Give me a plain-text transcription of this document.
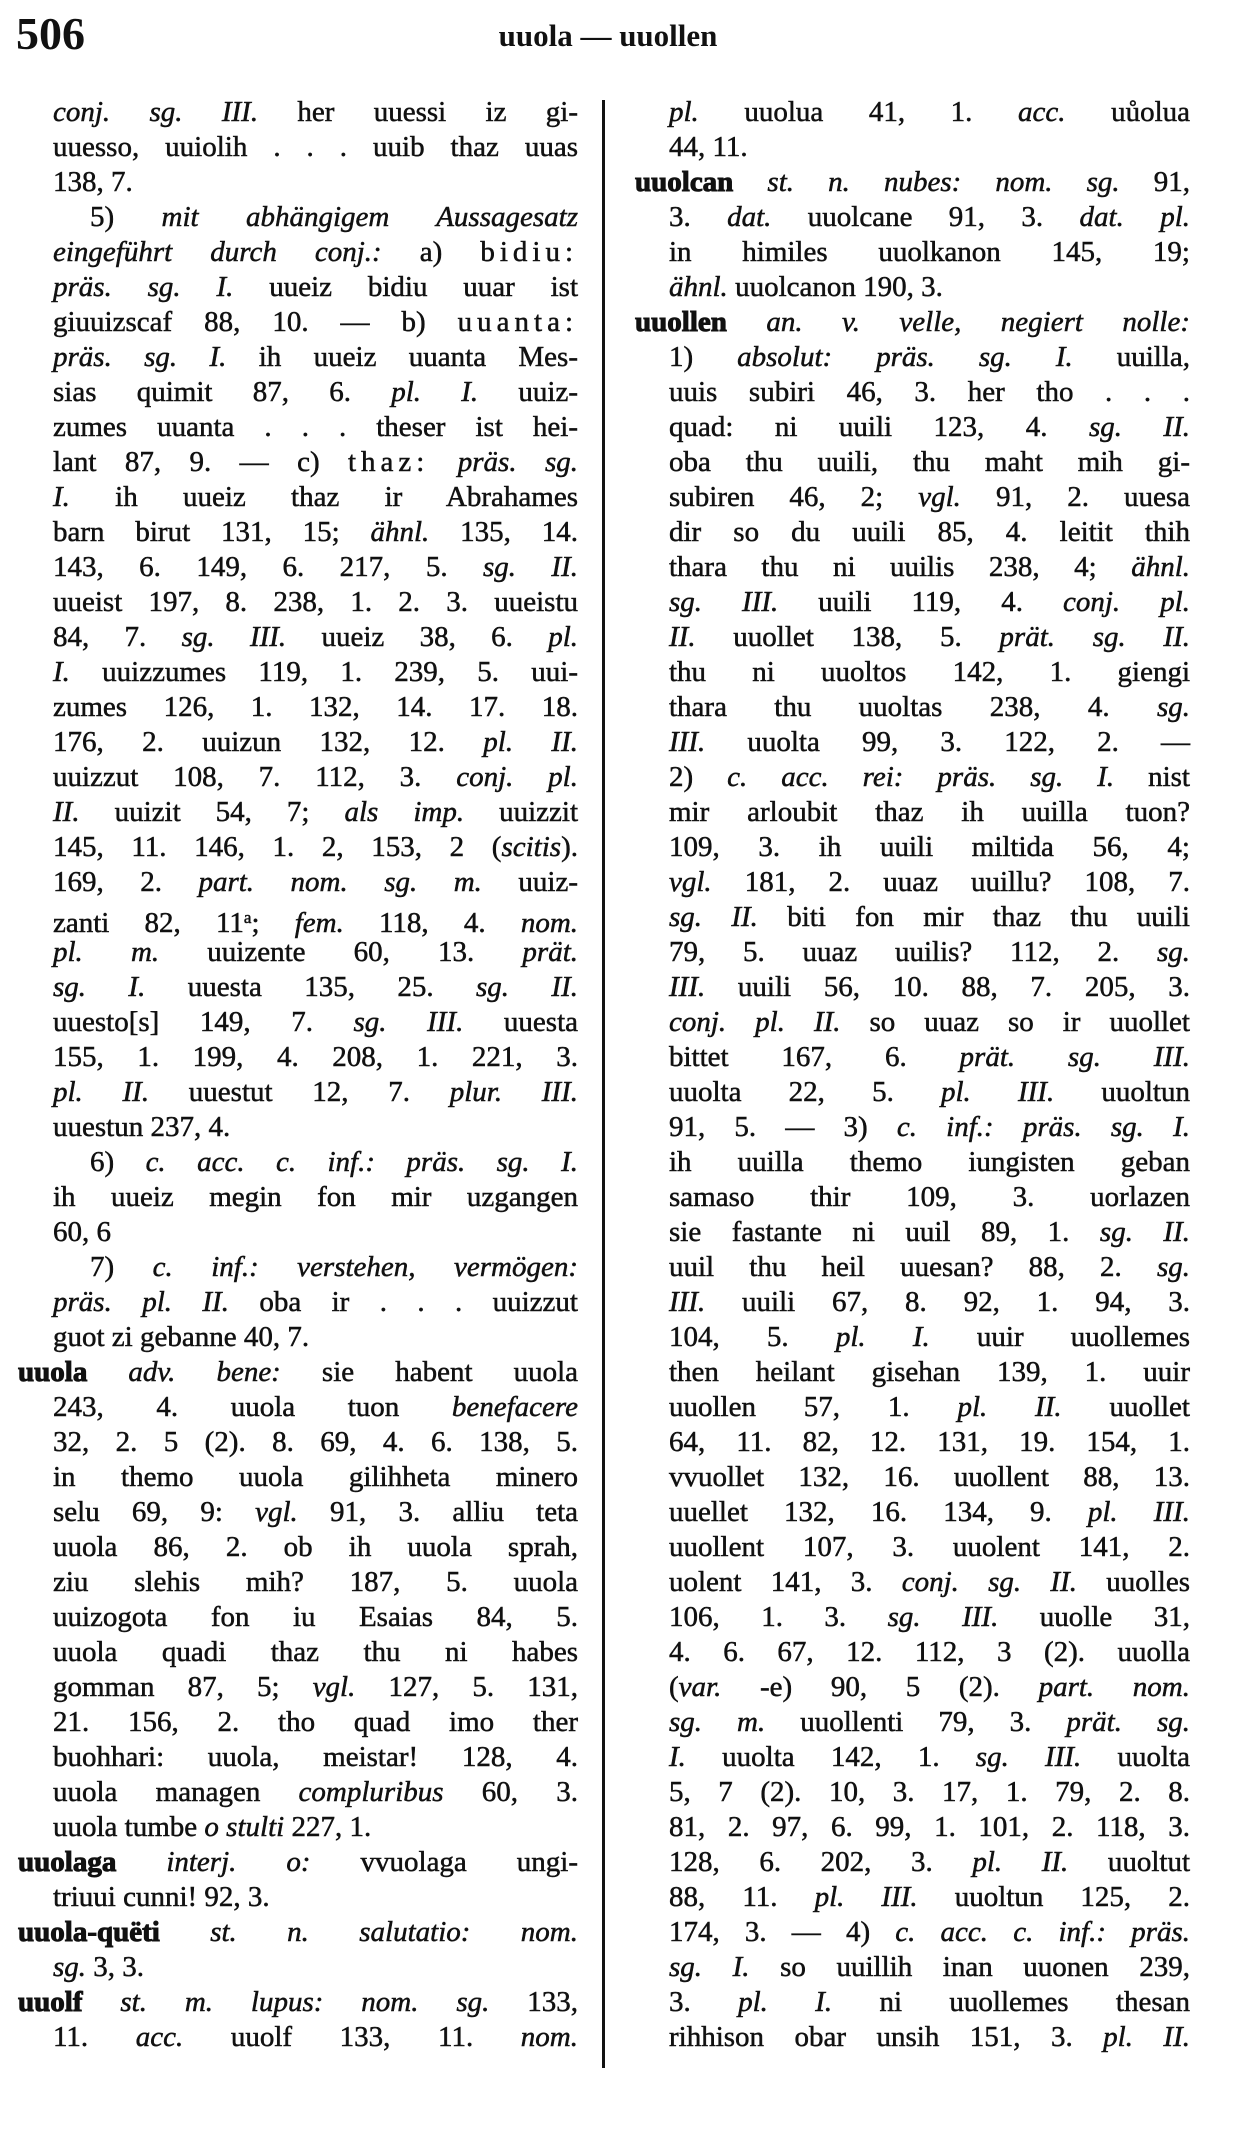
506	uuola — uuollen
conj. sg. III. her uuessi iz gi-
uuesso, uuiolih . . . uuib thaz uuas
138, 7.
5) mit abhängigem Aussagesatz
eingeführt durch conj.: a) bidiu:
präs. sg. I. uueiz bidiu uuar ist
giuuizscaf 88, 10. — b) uuanta:
präs. sg. I. ih uueiz uuanta Mes-
sias quimit 87, 6. pl. I. uuiz-
zumes uuanta . . . theser ist hei-
lant 87, 9. — c) thaz: präs. sg.
I. ih uueiz thaz ir Abrahames
barn birut 131, 15; ähnl. 135, 14.
143, 6. 149, 6. 217, 5. sg. II.
uueist 197, 8. 238, 1. 2. 3. uueistu
84, 7. sg. III. uueiz 38, 6. pl.
I. uuizzumes 119, 1. 239, 5. uui-
zumes 126, 1. 132, 14. 17. 18.
176, 2. uuizun 132, 12. pl. II.
uuizzut 108, 7. 112, 3. conj. pl.
II. uuizit 54, 7; als imp. uuizzit
145, 11. 146, 1. 2, 153, 2 (scitis).
169, 2. part. nom. sg. m. uuiz-
zanti 82, 11$^a$; fem. 118, 4. nom.
pl. m. uuizente 60, 13. prät.
sg. I. uuesta 135, 25. sg. II.
uuesto[s] 149, 7. sg. III. uuesta
155, 1. 199, 4. 208, 1. 221, 3.
pl. II. uuestut 12, 7. plur. III.
uuestun 237, 4.
6) c. acc. c. inf.: präs. sg. I.
ih uueiz megin fon mir uzgangen
60, 6
7) c. inf.: verstehen, vermögen:
präs. pl. II. oba ir . . . uuizzut
guot zi gebanne 40, 7.
uuola adv. bene: sie habent uuola
243, 4. uuola tuon benefacere
32, 2. 5 (2). 8. 69, 4. 6. 138, 5.
in themo uuola gilihheta minero
selu 69, 9: vgl. 91, 3. alliu teta
uuola 86, 2. ob ih uuola sprah,
ziu slehis mih? 187, 5. uuola
uuizogota fon iu Esaias 84, 5.
uuola quadi thaz thu ni habes
gomman 87, 5; vgl. 127, 5. 131,
21. 156, 2. tho quad imo ther
buohhari: uuola, meistar! 128, 4.
uuola managen compluribus 60, 3.
uuola tumbe o stulti 227, 1.
uuolaga interj. o: vvuolaga ungi-
triuui cunni! 92, 3.
uuola-quëti st. n. salutatio: nom.
sg. 3, 3.
uuolf st. m. lupus: nom. sg. 133,
11. acc. uuolf 133, 11. nom.
pl. uuolua 41, 1. acc. uůolua
44, 11.
uuolcan st. n. nubes: nom. sg. 91,
3. dat. uuolcane 91, 3. dat. pl.
in himiles uuolkanon 145, 19;
ähnl. uuolcanon 190, 3.
uuollen an. v. velle, negiert nolle:
1) absolut: präs. sg. I. uuilla,
uuis subiri 46, 3. her tho . . .
quad: ni uuili 123, 4. sg. II.
oba thu uuili, thu maht mih gi-
subiren 46, 2; vgl. 91, 2. uuesa
dir so du uuili 85, 4. leitit thih
thara thu ni uuilis 238, 4; ähnl.
sg. III. uuili 119, 4. conj. pl.
II. uuollet 138, 5. prät. sg. II.
thu ni uuoltos 142, 1. giengi
thara thu uuoltas 238, 4. sg.
III. uuolta 99, 3. 122, 2. —
2) c. acc. rei: präs. sg. I. nist
mir arloubit thaz ih uuilla tuon?
109, 3. ih uuili miltida 56, 4;
vgl. 181, 2. uuaz uuillu? 108, 7.
sg. II. biti fon mir thaz thu uuili
79, 5. uuaz uuilis? 112, 2. sg.
III. uuili 56, 10. 88, 7. 205, 3.
conj. pl. II. so uuaz so ir uuollet
bittet 167, 6. prät. sg. III.
uuolta 22, 5. pl. III. uuoltun
91, 5. — 3) c. inf.: präs. sg. I.
ih uuilla themo iungisten geban
samaso thir 109, 3. uorlazen
sie fastante ni uuil 89, 1. sg. II.
uuil thu heil uuesan? 88, 2. sg.
III. uuili 67, 8. 92, 1. 94, 3.
104, 5. pl. I. uuir uuollemes
then heilant gisehan 139, 1. uuir
uuollen 57, 1. pl. II. uuollet
64, 11. 82, 12. 131, 19. 154, 1.
vvuollet 132, 16. uuollent 88, 13.
uuellet 132, 16. 134, 9. pl. III.
uuollent 107, 3. uuolent 141, 2.
uolent 141, 3. conj. sg. II. uuolles
106, 1. 3. sg. III. uuolle 31,
4. 6. 67, 12. 112, 3 (2). uuolla
(var. -e) 90, 5 (2). part. nom.
sg. m. uuollenti 79, 3. prät. sg.
I. uuolta 142, 1. sg. III. uuolta
5, 7 (2). 10, 3. 17, 1. 79, 2. 8.
81, 2. 97, 6. 99, 1. 101, 2. 118, 3.
128, 6. 202, 3. pl. II. uuoltut
88, 11. pl. III. uuoltun 125, 2.
174, 3. — 4) c. acc. c. inf.: präs.
sg. I. so uuillih inan uuonen 239,
3. pl. I. ni uuollemes thesan
rihhison obar unsih 151, 3. pl. II.
